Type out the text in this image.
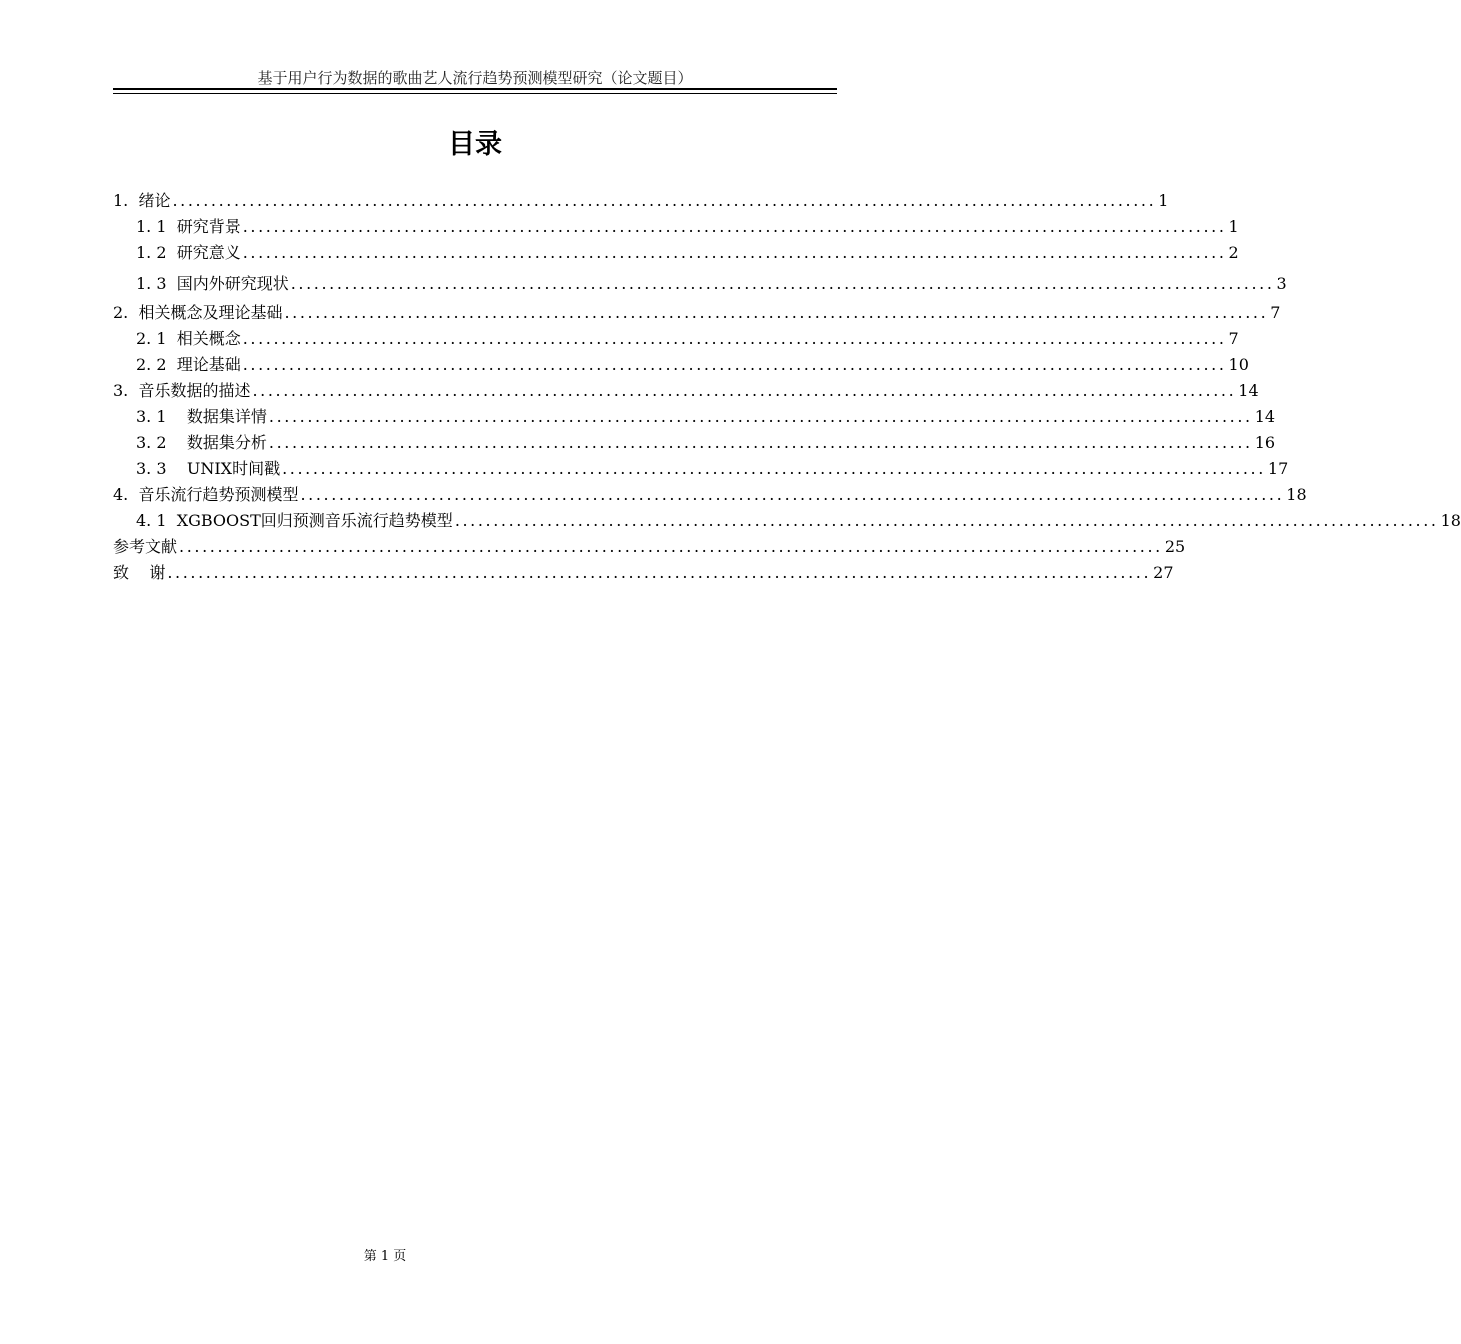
基于用户行为数据的歌曲艺人流行趋势预测模型研究（论文题目）
目录
1. 绪论 ................................................................................................................................ 1
1. 1 研究背景 ................................................................................................................................ 1
1. 2 研究意义 ................................................................................................................................ 2
1. 3 国内外研究现状 ................................................................................................................................ 3
2. 相关概念及理论基础 ................................................................................................................................ 7
2. 1 相关概念 ................................................................................................................................ 7
2. 2 理论基础 ................................................................................................................................ 10
3. 音乐数据的描述 ................................................................................................................................ 14
3. 1 数据集详情 ................................................................................................................................ 14
3. 2 数据集分析 ................................................................................................................................ 16
3. 3 UNIX时间戳 ................................................................................................................................ 17
4. 音乐流行趋势预测模型 ................................................................................................................................ 18
4. 1 XGBOOST回归预测音乐流行趋势模型 ................................................................................................................................ 18
参考文献 ................................................................................................................................ 25
致    谢 ................................................................................................................................ 27
第 1 页
